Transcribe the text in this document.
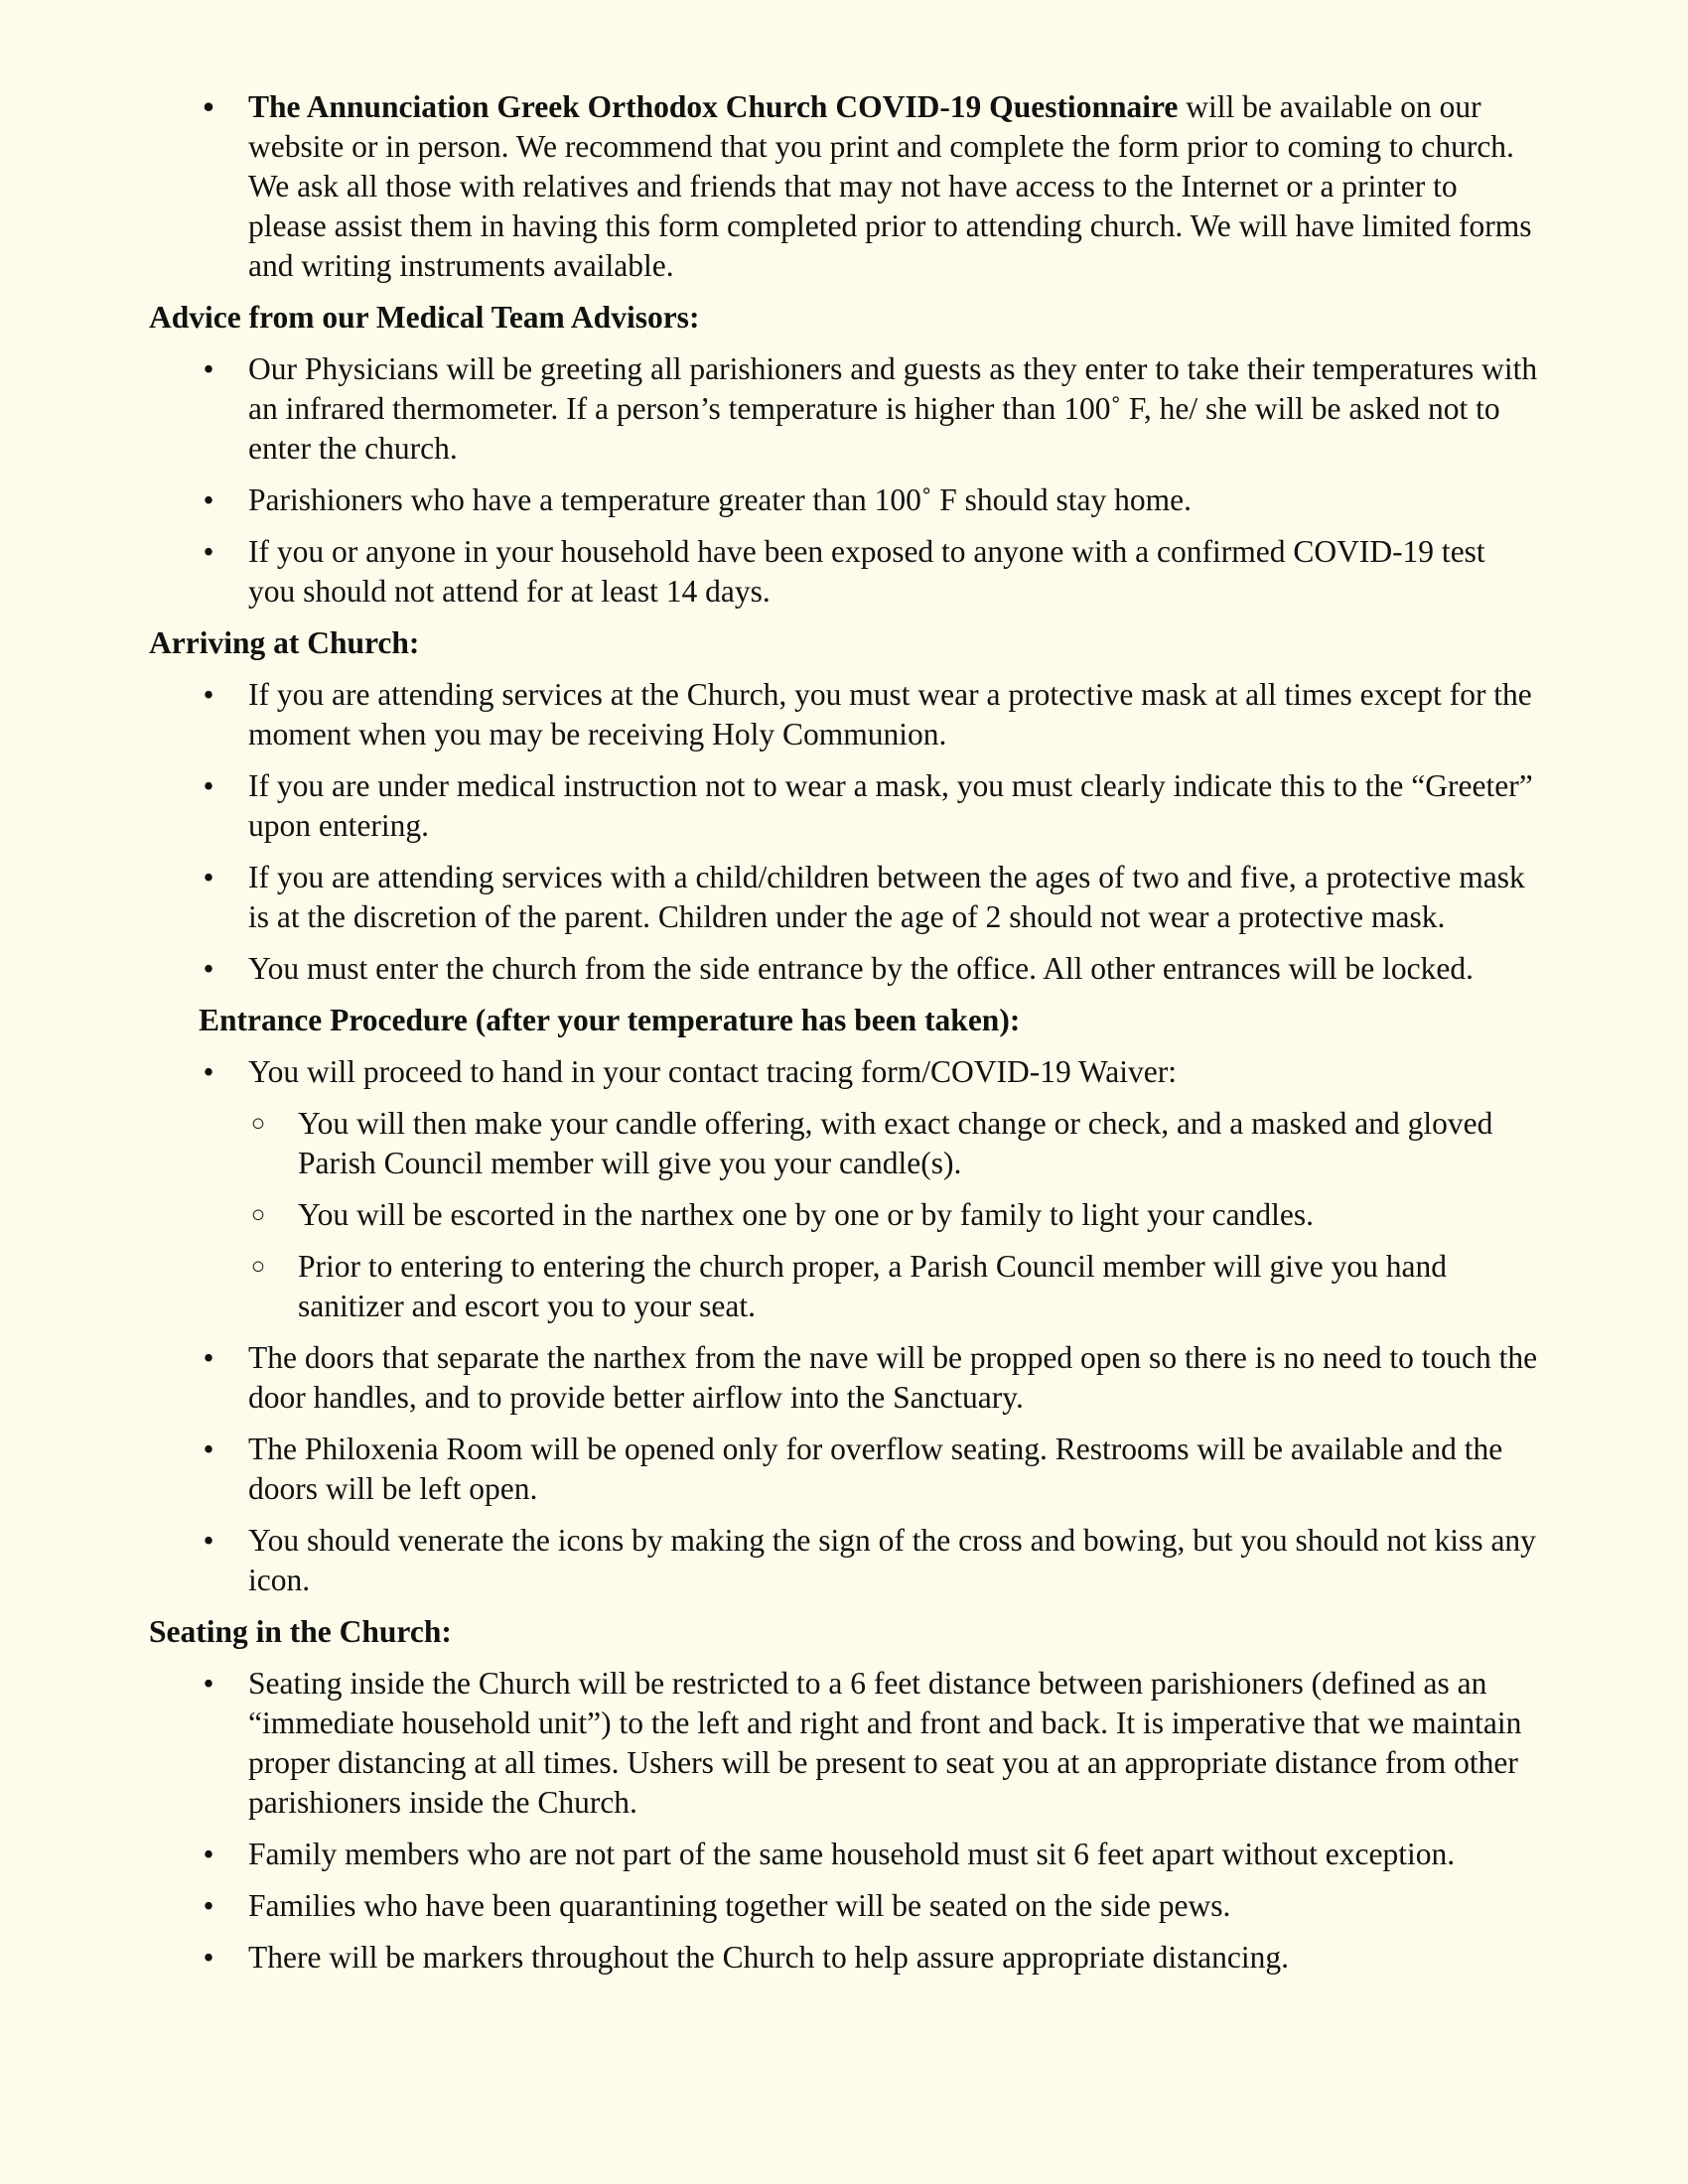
• The Annunciation Greek Orthodox Church COVID-19 Questionnaire will be available on our website or in person. We recommend that you print and complete the form prior to coming to church. We ask all those with relatives and friends that may not have access to the Internet or a printer to please assist them in having this form completed prior to attending church. We will have limited forms and writing instruments available.
Advice from our Medical Team Advisors:
• Our Physicians will be greeting all parishioners and guests as they enter to take their temperatures with an infrared thermometer. If a person’s temperature is higher than 100˚ F, he/ she will be asked not to enter the church.
• Parishioners who have a temperature greater than 100˚ F should stay home.
• If you or anyone in your household have been exposed to anyone with a confirmed COVID-19 test you should not attend for at least 14 days.
Arriving at Church:
• If you are attending services at the Church, you must wear a protective mask at all times except for the moment when you may be receiving Holy Communion.
• If you are under medical instruction not to wear a mask, you must clearly indicate this to the “Greeter” upon entering.
• If you are attending services with a child/children between the ages of two and five, a protective mask is at the discretion of the parent. Children under the age of 2 should not wear a protective mask.
• You must enter the church from the side entrance by the office. All other entrances will be locked.
Entrance Procedure (after your temperature has been taken):
• You will proceed to hand in your contact tracing form/COVID-19 Waiver:
○ You will then make your candle offering, with exact change or check, and a masked and gloved Parish Council member will give you your candle(s).
○ You will be escorted in the narthex one by one or by family to light your candles.
○ Prior to entering to entering the church proper, a Parish Council member will give you hand sanitizer and escort you to your seat.
• The doors that separate the narthex from the nave will be propped open so there is no need to touch the door handles, and to provide better airflow into the Sanctuary.
• The Philoxenia Room will be opened only for overflow seating. Restrooms will be available and the doors will be left open.
• You should venerate the icons by making the sign of the cross and bowing, but you should not kiss any icon.
Seating in the Church:
• Seating inside the Church will be restricted to a 6 feet distance between parishioners (defined as an “immediate household unit”) to the left and right and front and back. It is imperative that we maintain proper distancing at all times. Ushers will be present to seat you at an appropriate distance from other parishioners inside the Church.
• Family members who are not part of the same household must sit 6 feet apart without exception.
• Families who have been quarantining together will be seated on the side pews.
• There will be markers throughout the Church to help assure appropriate distancing.
